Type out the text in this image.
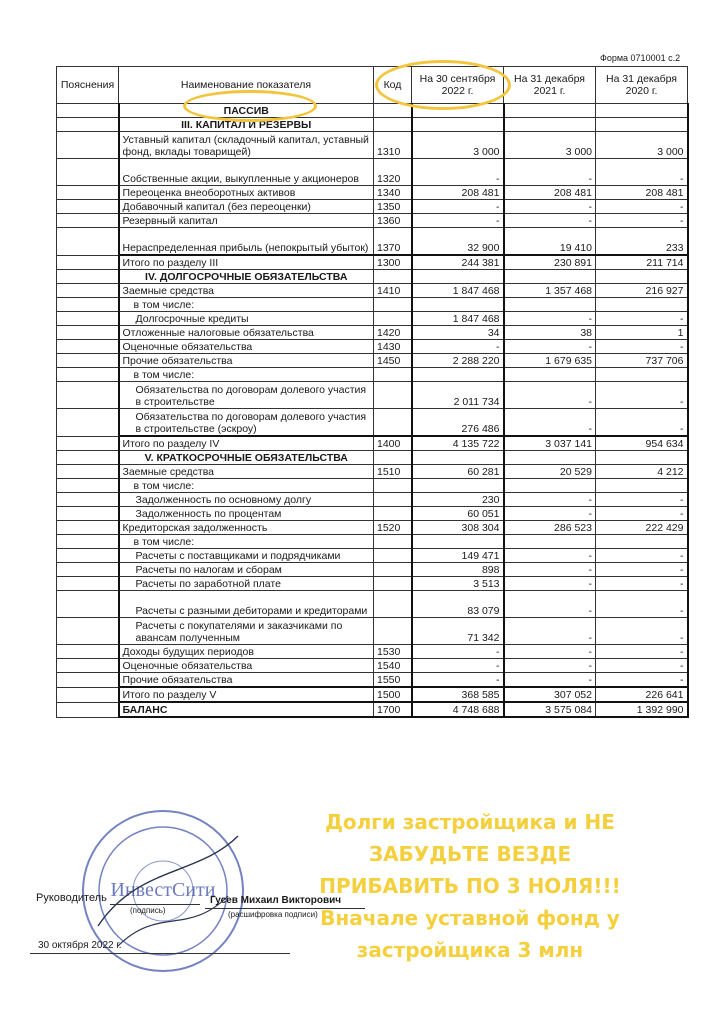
Форма 0710001 с.2
Пояснения	Наименование показателя	Код	На 30 сентября 2022 г.	На 31 декабря 2021 г.	На 31 декабря 2020 г.
	ПАССИВ				
	III. КАПИТАЛ И РЕЗЕРВЫ				
	Уставный капитал (складочный капитал, уставный фонд, вклады товарищей)	1310	3 000	3 000	3 000
	Собственные акции, выкупленные у акционеров	1320	-	-	-
	Переоценка внеоборотных активов	1340	208 481	208 481	208 481
	Добавочный капитал (без переоценки)	1350	-	-	-
	Резервный капитал	1360	-	-	-
	Нераспределенная прибыль (непокрытый убыток)	1370	32 900	19 410	233
	Итого по разделу III	1300	244 381	230 891	211 714
	IV. ДОЛГОСРОЧНЫЕ ОБЯЗАТЕЛЬСТВА				
	Заемные средства	1410	1 847 468	1 357 468	216 927
	в том числе:				
	Долгосрочные кредиты		1 847 468	-	-
	Отложенные налоговые обязательства	1420	34	38	1
	Оценочные обязательства	1430	-	-	-
	Прочие обязательства	1450	2 288 220	1 679 635	737 706
	в том числе:				
	Обязательства по договорам долевого участия в строительстве		2 011 734	-	-
	Обязательства по договорам долевого участия в строительстве (эскроу)		276 486	-	-
	Итого по разделу IV	1400	4 135 722	3 037 141	954 634
	V. КРАТКОСРОЧНЫЕ ОБЯЗАТЕЛЬСТВА				
	Заемные средства	1510	60 281	20 529	4 212
	в том числе:				
	Задолженность по основному долгу		230	-	-
	Задолженность по процентам		60 051	-	-
	Кредиторская задолженность	1520	308 304	286 523	222 429
	в том числе:				
	Расчеты с поставщиками и подрядчиками		149 471	-	-
	Расчеты по налогам и сборам		898	-	-
	Расчеты по заработной плате		3 513	-	-
	Расчеты с разными дебиторами и кредиторами		83 079	-	-
	Расчеты с покупателями и заказчиками по авансам полученным		71 342	-	-
	Доходы будущих периодов	1530	-	-	-
	Оценочные обязательства	1540	-	-	-
	Прочие обязательства	1550	-	-	-
	Итого по разделу V	1500	368 585	307 052	226 641
	БАЛАНС	1700	4 748 688	3 575 084	1 392 990
ИнвестСити
Долги застройщика и НЕ
ЗАБУДЬТЕ ВЕЗДЕ
ПРИБАВИТЬ ПО 3 НОЛЯ!!!
Вначале уставной фонд у
застройщика 3 млн
Руководитель
(подпись)
Гусев Михаил Викторович
(расшифровка подписи)
30 октября 2022 г.
